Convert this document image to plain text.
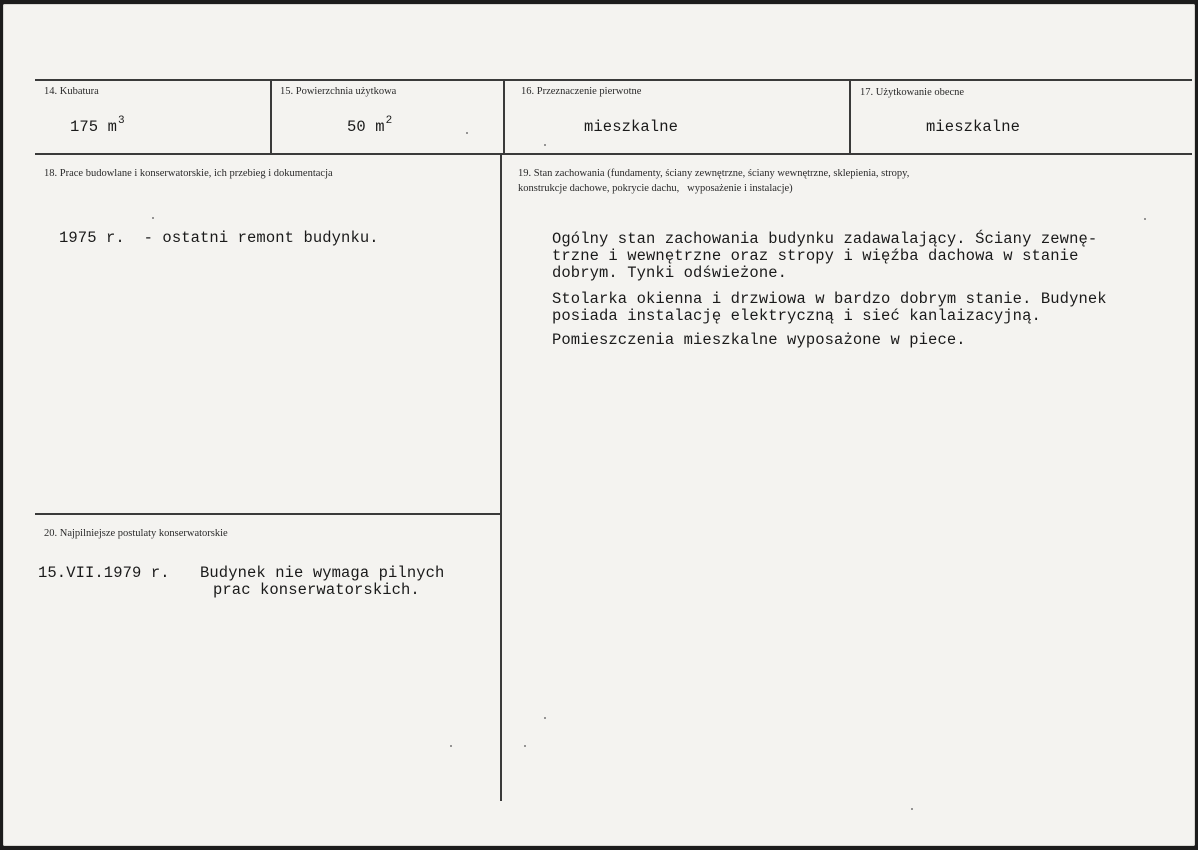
14. Kubatura
175 $m^3$
15. Powierzchnia użytkowa
50 $m^2$
16. Przeznaczenie pierwotne
mieszkalne
17. Użytkowanie obecne
mieszkalne
18. Prace budowlane i konserwatorskie, ich przebieg i dokumentacja
1975 r.  - ostatni remont budynku.
19. Stan zachowania (fundamenty, ściany zewnętrzne, ściany wewnętrzne, sklepienia, stropy,
konstrukcje dachowe, pokrycie dachu,   wyposażenie i instalacje)
Ogólny stan zachowania budynku zadawalający. Ściany zewnę-
trzne i wewnętrzne oraz stropy i więźba dachowa w stanie
dobrym. Tynki odświeżone.
Stolarka okienna i drzwiowa w bardzo dobrym stanie. Budynek
posiada instalację elektryczną i sieć kanlaizacyjną.
Pomieszczenia mieszkalne wyposażone w piece.
20. Najpilniejsze postulaty konserwatorskie
15.VII.1979 r. Budynek nie wymaga pilnych
prac konserwatorskich.
